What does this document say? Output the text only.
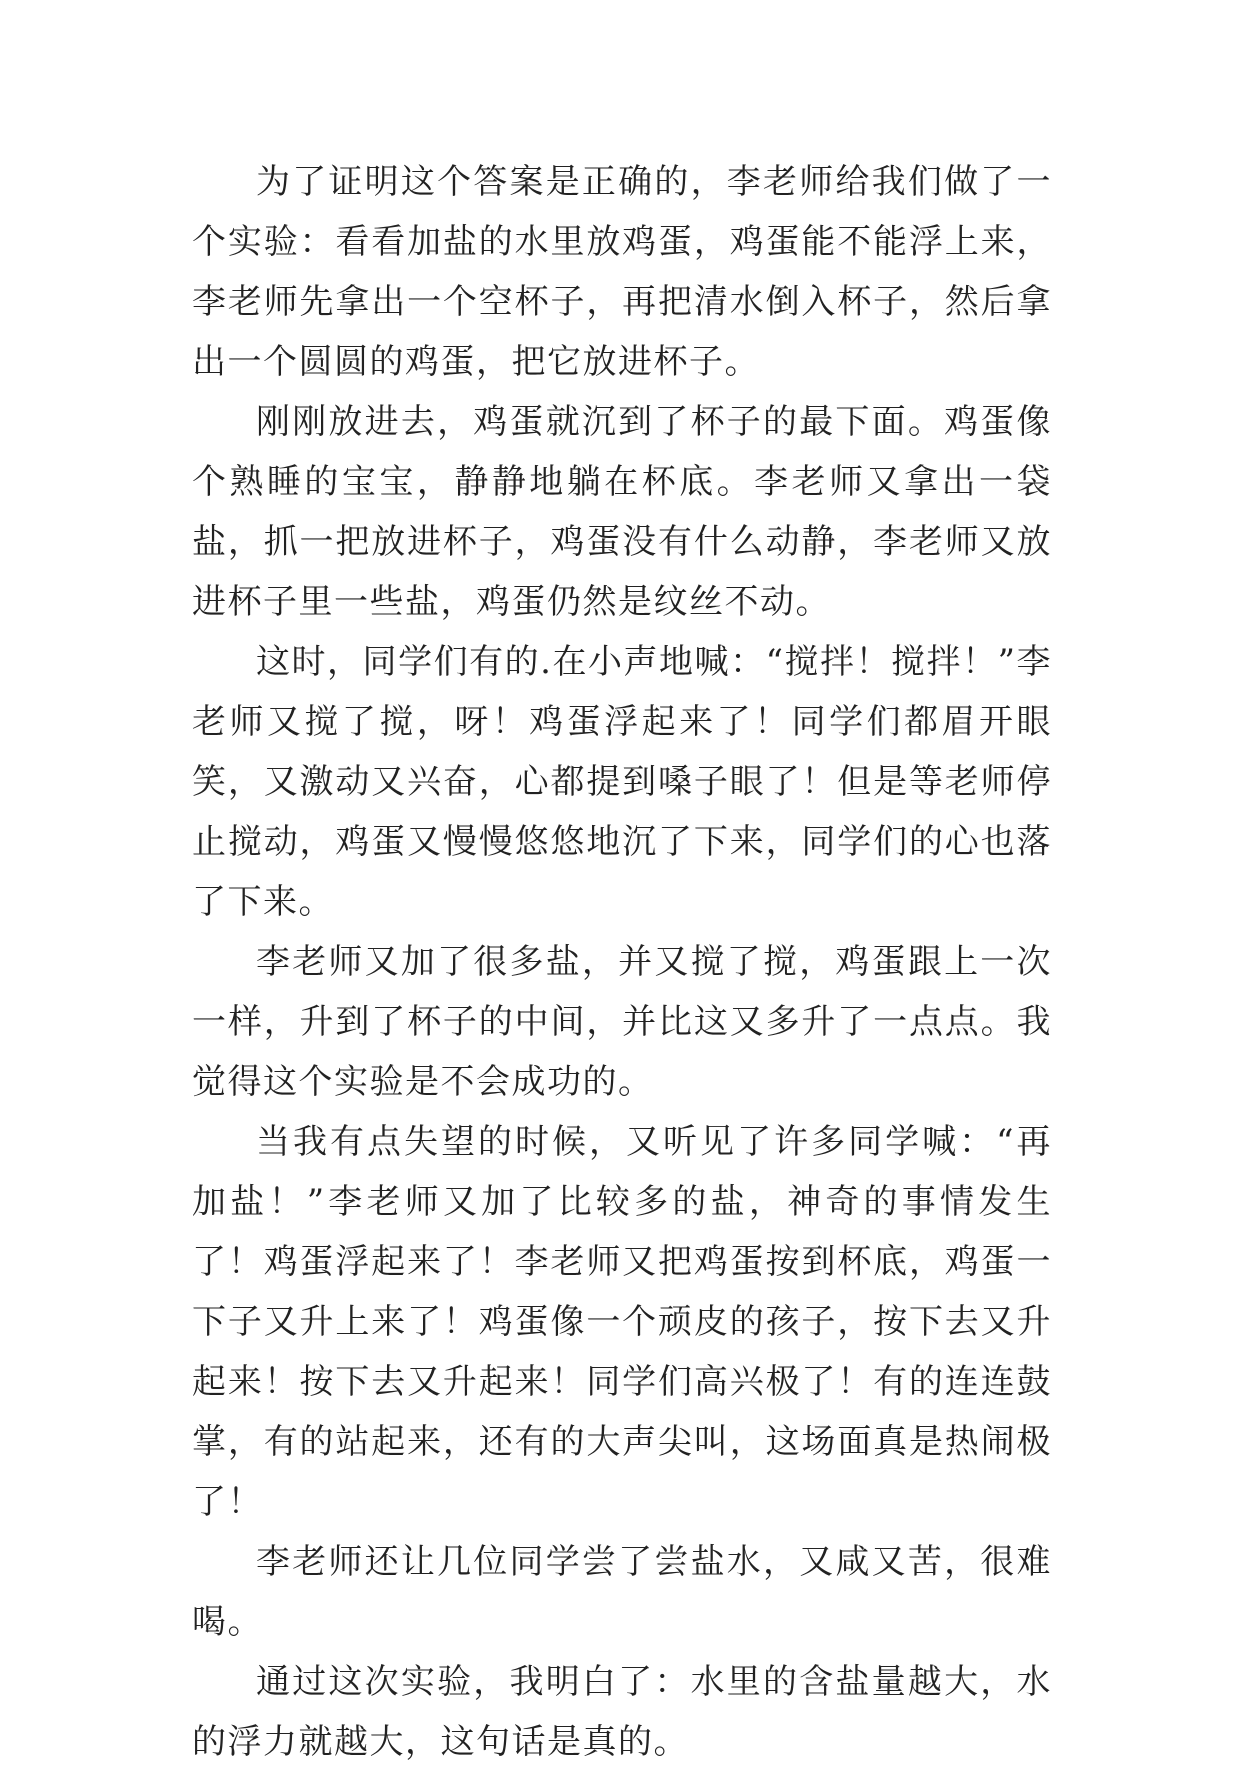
为了证明这个答案是正确的，李老师给我们做了一个实验：看看加盐的水里放鸡蛋，鸡蛋能不能浮上来，李老师先拿出一个空杯子，再把清水倒入杯子，然后拿出一个圆圆的鸡蛋，把它放进杯子。

刚刚放进去，鸡蛋就沉到了杯子的最下面。鸡蛋像个熟睡的宝宝，静静地躺在杯底。李老师又拿出一袋盐，抓一把放进杯子，鸡蛋没有什么动静，李老师又放进杯子里一些盐，鸡蛋仍然是纹丝不动。

这时，同学们有的.在小声地喊：“搅拌！搅拌！”李老师又搅了搅，呀！鸡蛋浮起来了！同学们都眉开眼笑，又激动又兴奋，心都提到嗓子眼了！但是等老师停止搅动，鸡蛋又慢慢悠悠地沉了下来，同学们的心也落了下来。

李老师又加了很多盐，并又搅了搅，鸡蛋跟上一次一样，升到了杯子的中间，并比这又多升了一点点。我觉得这个实验是不会成功的。

当我有点失望的时候，又听见了许多同学喊：“再加盐！”李老师又加了比较多的盐，神奇的事情发生了！鸡蛋浮起来了！李老师又把鸡蛋按到杯底，鸡蛋一下子又升上来了！鸡蛋像一个顽皮的孩子，按下去又升起来！按下去又升起来！同学们高兴极了！有的连连鼓掌，有的站起来，还有的大声尖叫，这场面真是热闹极了！

李老师还让几位同学尝了尝盐水，又咸又苦，很难喝。

通过这次实验，我明白了：水里的含盐量越大，水的浮力就越大，这句话是真的。
